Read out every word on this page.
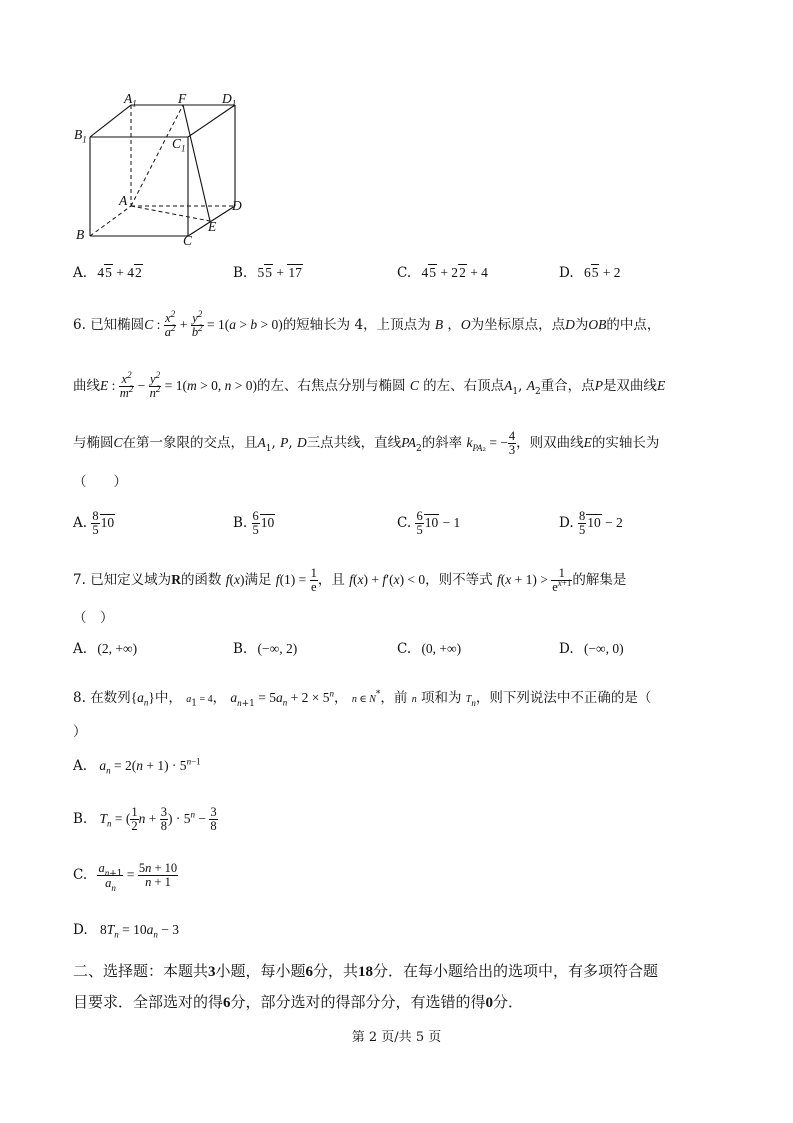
$A_1$	F	$D_1$
$B_1$	$C_1$
A	D
E
B	C
A. 45 + 42	B. 55 + 17	C. 45 + 22 + 4	D. 65 + 2
6. 已知椭圆C : $\frac{x^2}{a^2} + \frac{y^2}{b^2} = 1(a > b > 0)$的短轴长为 4，上顶点为 B ，O为坐标原点，点D为OB的中点，
曲线E : $\frac{x^2}{m^2} - \frac{y^2}{n^2} = 1(m > 0$, n > 0)的左、右焦点分别与椭圆 C 的左、右顶点$A_1$, $A_2$重合，点P是双曲线E
与椭圆C在第一象限的交点，且$A_1$, P, D三点共线，直线$PA_2$的斜率 $k_{PA_2}$ = − $\frac{4}{3}$ ，则双曲线E的实轴长为
（　　）
A. $\frac{8}{5} 10$	B. $\frac{6}{5} 10$	C. $\frac{6}{5} 10 - 1$	D. $\frac{8}{5} 10 - 2$
7. 已知定义域为R的函数 f(x)满足 $f(1) = \frac{1}{e}$ ，且 f(x) + f′(x) < 0，则不等式 $f(x + 1) > \frac{1}{e^{x+1}}$ 的解集是
（　）
A. (2, +∞)	B. (−∞, 2)	C. (0, +∞)	D. (−∞, 0)
8. 在数列$\{a_n\}$中， $a_1 = 4$， $a_{n+1} = 5a_n + 2 \times 5^n$， n ∈ N*，前 n 项和为 $T_n$，则下列说法中不正确的是（
）
A. $a_n = 2(n + 1) \cdot 5^{n-1}$
B. $T_n$ = ( $\frac{1}{2}$ $n + \frac{3}{8}$ ) · $5^n - \frac{3}{8}$
C. $\frac{a_{n+1}}{a_n} = \frac{5n + 10}{n + 1}$
D. $8T_n = 10a_n - 3$
二、选择题：本题共3小题，每小题6分，共18分．在每小题给出的选项中，有多项符合题
目要求．全部选对的得6分，部分选对的得部分分，有选错的得0分．
第 2 页/共 5 页
